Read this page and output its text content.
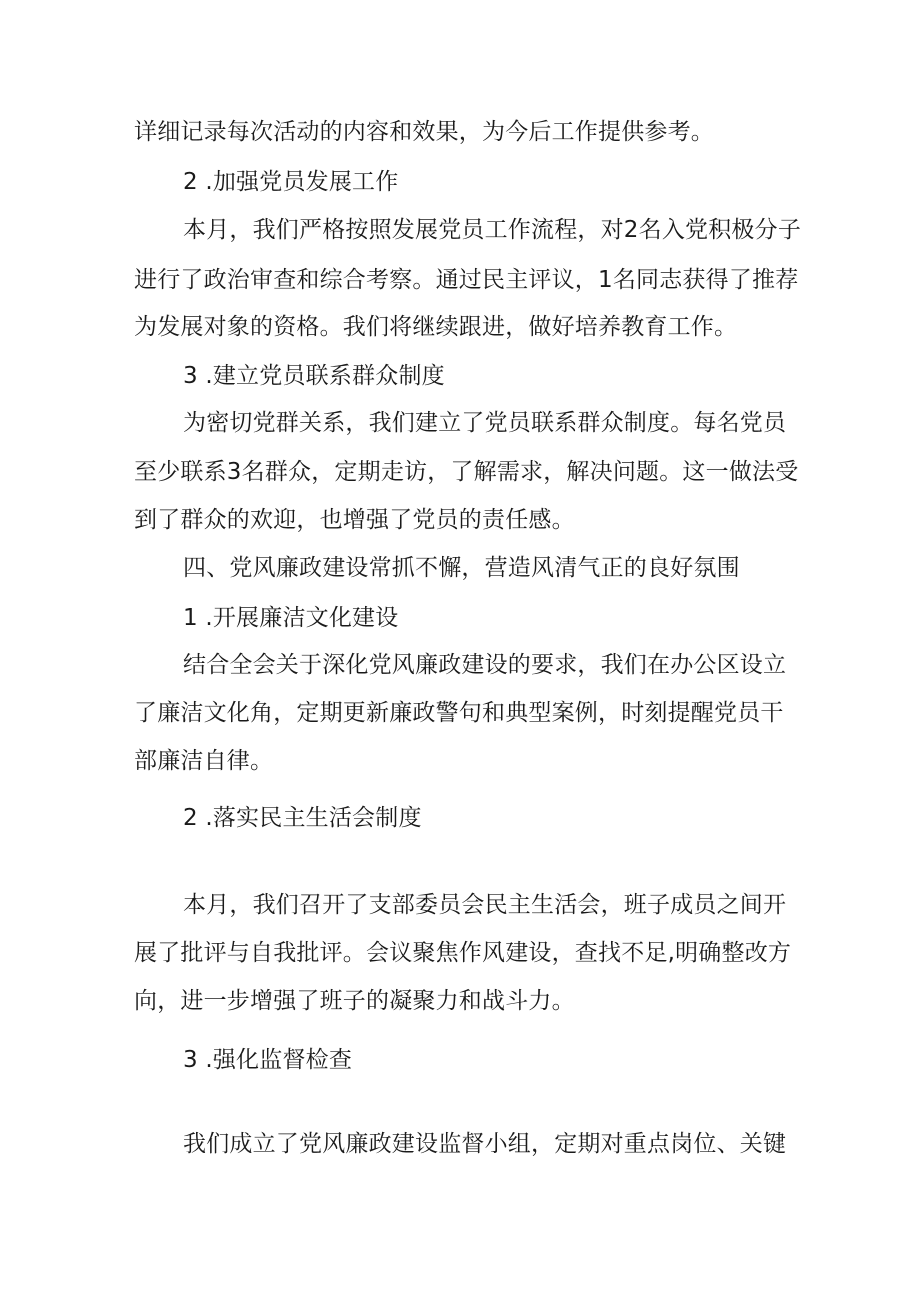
详细记录每次活动的内容和效果，为今后工作提供参考。
2 .加强党员发展工作
本月，我们严格按照发展党员工作流程，对2名入党积极分子
进行了政治审查和综合考察。通过民主评议，1名同志获得了推荐
为发展对象的资格。我们将继续跟进，做好培养教育工作。
3 .建立党员联系群众制度
为密切党群关系，我们建立了党员联系群众制度。每名党员
至少联系3名群众，定期走访，了解需求，解决问题。这一做法受
到了群众的欢迎，也增强了党员的责任感。
四、党风廉政建设常抓不懈，营造风清气正的良好氛围
1 .开展廉洁文化建设
结合全会关于深化党风廉政建设的要求，我们在办公区设立
了廉洁文化角，定期更新廉政警句和典型案例，时刻提醒党员干
部廉洁自律。
2 .落实民主生活会制度
本月，我们召开了支部委员会民主生活会，班子成员之间开
展了批评与自我批评。会议聚焦作风建设，查找不足,明确整改方
向，进一步增强了班子的凝聚力和战斗力。
3 .强化监督检查
我们成立了党风廉政建设监督小组，定期对重点岗位、关键
